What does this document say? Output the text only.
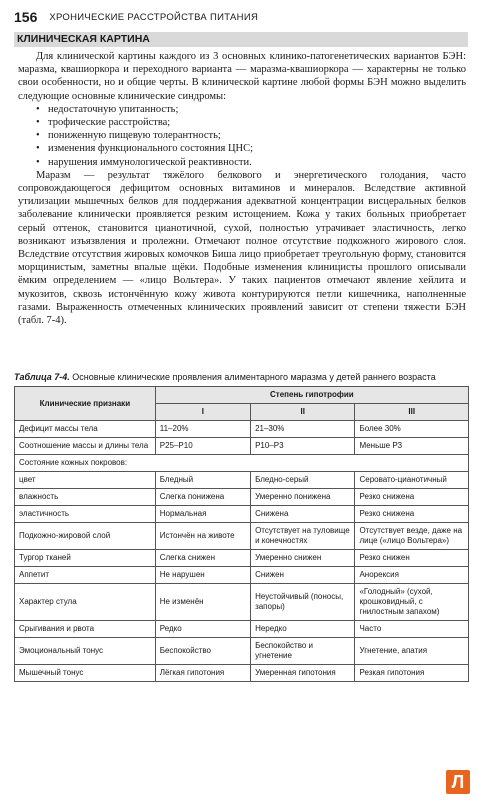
156 ХРОНИЧЕСКИЕ РАССТРОЙСТВА ПИТАНИЯ
КЛИНИЧЕСКАЯ КАРТИНА

Для клинической картины каждого из 3 основных клинико-патогенетических вариантов БЭН: маразма, квашиоркора и переходного варианта — маразма-квашиоркора — характерны не только свои особенности, но и общие черты. В клинической картине любой формы БЭН можно выделить следующие основные клинические синдромы:

• недостаточную упитанность;
• трофические расстройства;
• пониженную пищевую толерантность;
• изменения функционального состояния ЦНС;
• нарушения иммунологической реактивности.

Маразм — результат тяжёлого белкового и энергетического голодания, часто сопровождающегося дефицитом основных витаминов и минералов. Вследствие активной утилизации мышечных белков для поддержания адекватной концентрации висцеральных белков заболевание клинически проявляется резким истощением. Кожа у таких больных приобретает серый оттенок, становится цианотичной, сухой, полностью утрачивает эластичность, легко возникают изъязвления и пролежни. Отмечают полное отсутствие подкожного жирового слоя. Вследствие отсутствия жировых комочков Биша лицо приобретает треугольную форму, становится морщинистым, заметны впалые щёки. Подобные изменения клиницисты прошлого описывали ёмким определением — «лицо Вольтера». У таких пациентов отмечают явление хейлита и мукозитов, сквозь истончённую кожу живота контурируются петли кишечника, наполненные газами. Выраженность отмеченных клинических проявлений зависит от степени тяжести БЭН (табл. 7-4).

Таблица 7-4. Основные клинические проявления алиментарного маразма у детей раннего возраста
Клинические признаки	Степень гипотрофии		
	I	II	III
Дефицит массы тела	11–20%	21–30%	Более 30%
Соотношение массы и длины тела	P25–P10	P10–P3	Меньше P3
Состояние кожных покровов:			
цвет	Бледный	Бледно-серый	Серовато-цианотичный
влажность	Слегка понижена	Умеренно понижена	Резко снижена
эластичность	Нормальная	Снижена	Резко снижена
Подкожно-жировой слой	Истончён на животе	Отсутствует на туловище и конечностях	Отсутствует везде, даже на лице («лицо Вольтера»)
Тургор тканей	Слегка снижен	Умеренно снижен	Резко снижен
Аппетит	Не нарушен	Снижен	Анорексия
Характер стула	Не изменён	Неустойчивый (поносы, запоры)	«Голодный» (сухой, крошковидный, с гнилостным запахом)
Срыгивания и рвота	Редко	Нередко	Часто
Эмоциональный тонус	Беспокойство	Беспокойство и угнетение	Угнетение, апатия
Мышечный тонус	Лёгкая гипотония	Умеренная гипотония	Резкая гипотония
Л
